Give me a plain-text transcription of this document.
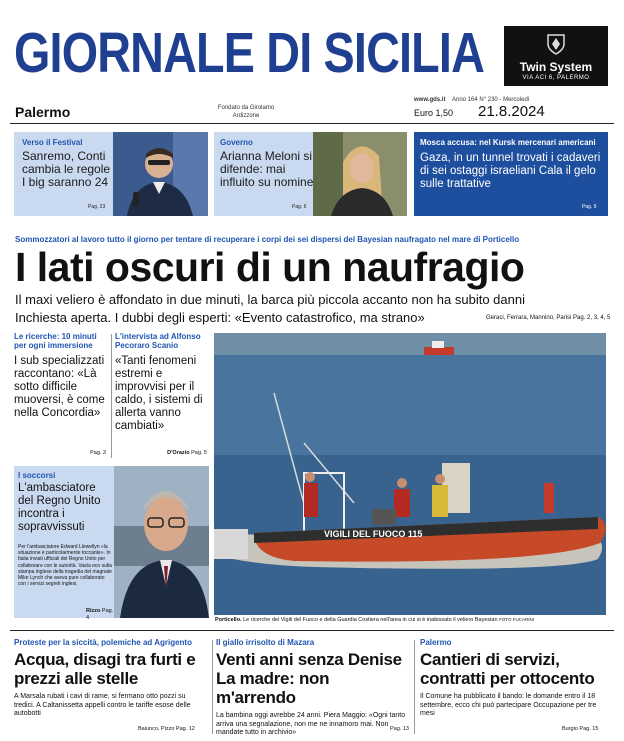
GIORNALE DI SICILIA	Twin System
VIA ACI 6, PALERMO
Palermo	Fondato da Girolamo Ardizzone
www.gds.it Anno 164 N° 230 - Mercoledì
Euro 1,50 21.8.2024
Verso il Festival
Sanremo, Conti cambia le regole I big saranno 24
Pag. 23
Governo
Arianna Meloni si difende: mai influito su nomine
Pag. 6
Mosca accusa: nel Kursk mercenari americani
Gaza, in un tunnel trovati i cadaveri di sei ostaggi israeliani Cala il gelo sulle trattative
Pag. 9
Sommozzatori al lavoro tutto il giorno per tentare di recuperare i corpi dei sei dispersi del Bayesian naufragato nel mare di Porticello
I lati oscuri di un naufragio
Il maxi veliero è affondato in due minuti, la barca più piccola accanto non ha subito danni
Inchiesta aperta. I dubbi degli esperti: «Evento catastrofico, ma strano»	Geraci, Ferrara, Mannino, Parisi Pag. 2, 3, 4, 5
Le ricerche: 10 minuti per ogni immersione
I sub specializzati raccontano: «Là sotto difficile muoversi, è come nella Concordia»
Pag. 3
L'intervista ad Alfonso Pecoraro Scanio
«Tanti fenomeni estremi e improvvisi per il caldo, i sistemi di allerta vanno cambiati»
D'Orazio Pag. 5
I soccorsi
L'ambasciatore del Regno Unito incontra i sopravvissuti
Per l'ambasciatore Edward Llewellyn «la situazione è particolarmente toccante». In Italia inviati ufficiali del Regno Unito per collaborare con le autorità. Vasta eco sulla stampa inglese della tragedia del magnate Mike Lynch che aveva pure collaborato con i servizi segreti inglesi.
Rizzo Pag. 4
VIGILI DEL FUOCO 115
Porticello. Le ricerche dei Vigili del Fuoco e della Guardia Costiera nell'area in cui si è inabissato il veliero Bayesian FOTO FUCARINI
Proteste per la siccità, polemiche ad Agrigento
Acqua, disagi tra furti e prezzi alle stelle
A Marsala rubati i cavi di rame, si fermano otto pozzi su tredici. A Caltanissetta appelli contro le tariffe esose delle autobotti
Baiunco, Pizzo Pag. 12
Il giallo irrisolto di Mazara
Venti anni senza Denise La madre: non m'arrendo
La bambina oggi avrebbe 24 anni. Piera Maggio: «Ogni tanto arriva una segnalazione, non me ne innamoro mai. Non mandate tutto in archivio»	Pag. 13
Palermo
Cantieri di servizi, contratti per ottocento
Il Comune ha pubblicato il bando: le domande entro il 18 settembre, ecco chi può partecipare Occupazione per tre mesi
Burgio Pag. 15
